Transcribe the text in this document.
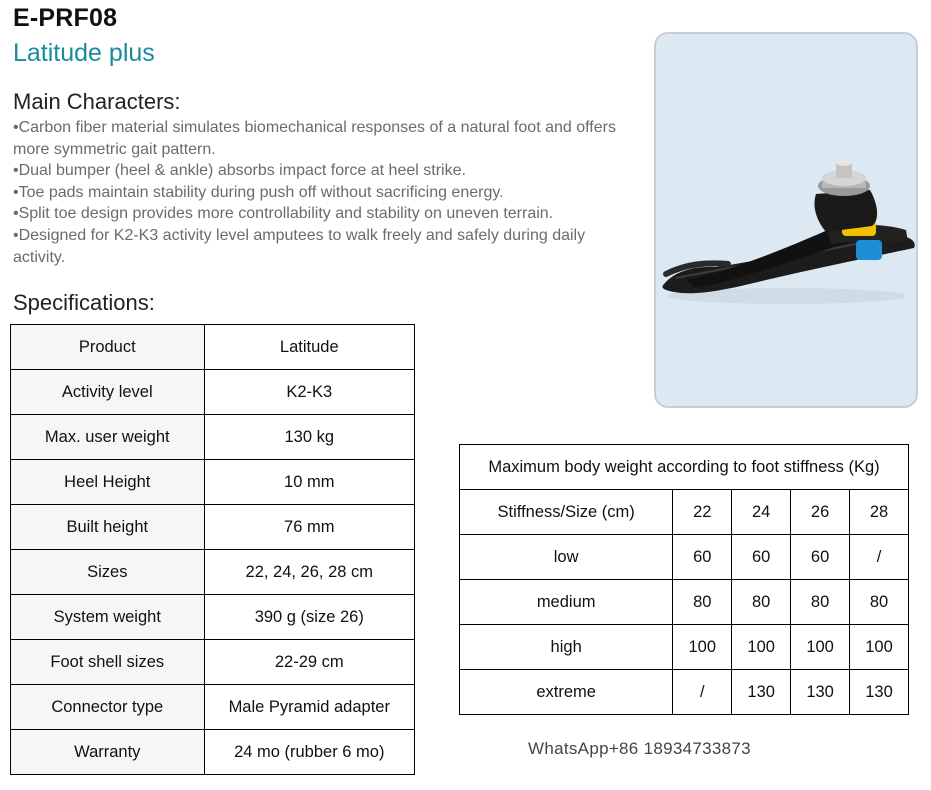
E-PRF08
Latitude plus
Main Characters:
•Carbon fiber material simulates biomechanical responses of a natural foot and offers more symmetric gait pattern.
•Dual bumper (heel & ankle) absorbs impact force at heel strike.
•Toe pads maintain stability during push off without sacrificing energy.
•Split toe design provides more controllability and stability on uneven terrain.
•Designed for K2-K3 activity level amputees to walk freely and safely during daily activity.
Specifications:
Product	Latitude
Activity level	K2-K3
Max. user weight	130 kg
Heel Height	10 mm
Built height	76 mm
Sizes	22, 24, 26, 28 cm
System weight	390 g (size 26)
Foot shell sizes	22-29 cm
Connector type	Male Pyramid adapter
Warranty	24 mo (rubber 6 mo)
Maximum body weight according to foot stiffness (Kg)				
Stiffness/Size (cm)	22	24	26	28
low	60	60	60	/
medium	80	80	80	80
high	100	100	100	100
extreme	/	130	130	130
WhatsApp+86 18934733873
